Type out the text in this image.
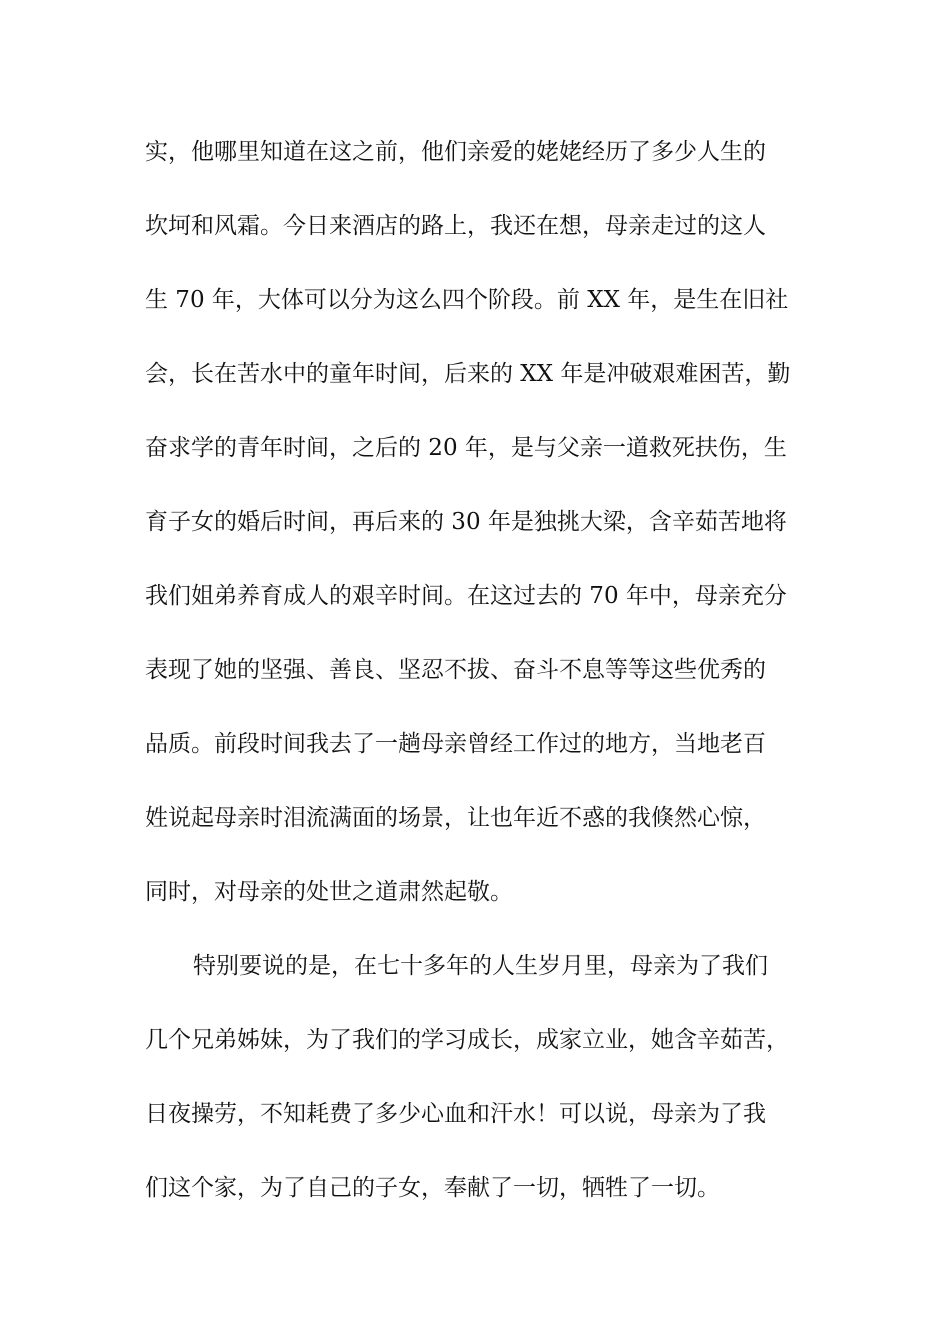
实，他哪里知道在这之前，他们亲爱的姥姥经历了多少人生的
坎坷和风霜。今日来酒店的路上，我还在想，母亲走过的这人
生 70 年，大体可以分为这么四个阶段。前 XX 年，是生在旧社
会，长在苦水中的童年时间，后来的 XX 年是冲破艰难困苦，勤
奋求学的青年时间，之后的 20 年，是与父亲一道救死扶伤，生
育子女的婚后时间，再后来的 30 年是独挑大梁，含辛茹苦地将
我们姐弟养育成人的艰辛时间。在这过去的 70 年中，母亲充分
表现了她的坚强、善良、坚忍不拔、奋斗不息等等这些优秀的
品质。前段时间我去了一趟母亲曾经工作过的地方，当地老百
姓说起母亲时泪流满面的场景，让也年近不惑的我倏然心惊，
同时，对母亲的处世之道肃然起敬。
特别要说的是，在七十多年的人生岁月里，母亲为了我们
几个兄弟姊妹，为了我们的学习成长，成家立业，她含辛茹苦，
日夜操劳，不知耗费了多少心血和汗水！可以说，母亲为了我
们这个家，为了自己的子女，奉献了一切，牺牲了一切。
